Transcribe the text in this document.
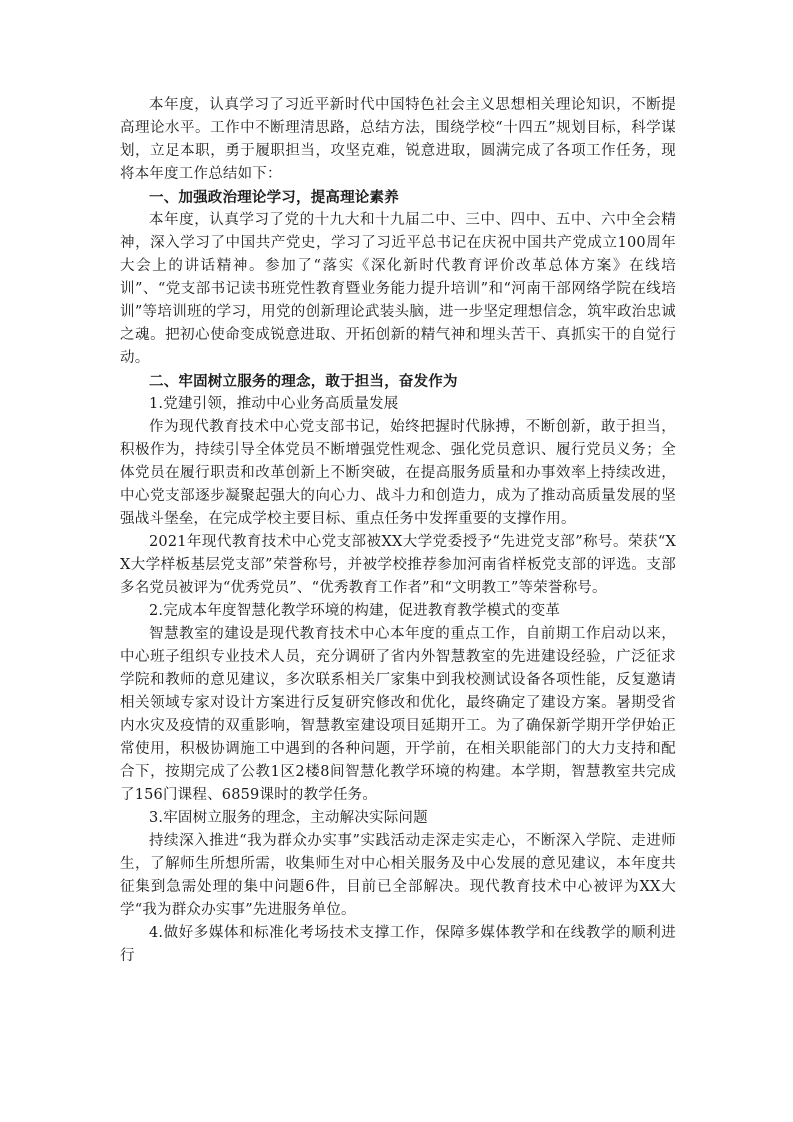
本年度，认真学习了习近平新时代中国特色社会主义思想相关理论知识，不断提高理论水平。工作中不断理清思路，总结方法，围绕学校“十四五”规划目标，科学谋划，立足本职，勇于履职担当，攻坚克难，锐意进取，圆满完成了各项工作任务，现将本年度工作总结如下：

一、加强政治理论学习，提高理论素养

本年度，认真学习了党的十九大和十九届二中、三中、四中、五中、六中全会精神，深入学习了中国共产党史，学习了习近平总书记在庆祝中国共产党成立100周年大会上的讲话精神。参加了“落实《深化新时代教育评价改革总体方案》在线培训”、“党支部书记读书班党性教育暨业务能力提升培训”和“河南干部网络学院在线培训”等培训班的学习，用党的创新理论武装头脑，进一步坚定理想信念，筑牢政治忠诚之魂。把初心使命变成锐意进取、开拓创新的精气神和埋头苦干、真抓实干的自觉行动。

二、牢固树立服务的理念，敢于担当，奋发作为

1.党建引领，推动中心业务高质量发展

作为现代教育技术中心党支部书记，始终把握时代脉搏，不断创新，敢于担当，积极作为，持续引导全体党员不断增强党性观念、强化党员意识、履行党员义务；全体党员在履行职责和改革创新上不断突破，在提高服务质量和办事效率上持续改进，中心党支部逐步凝聚起强大的向心力、战斗力和创造力，成为了推动高质量发展的坚强战斗堡垒，在完成学校主要目标、重点任务中发挥重要的支撑作用。

2021年现代教育技术中心党支部被XX大学党委授予“先进党支部”称号。荣获“XX大学样板基层党支部”荣誉称号，并被学校推荐参加河南省样板党支部的评选。支部多名党员被评为“优秀党员”、“优秀教育工作者”和“文明教工”等荣誉称号。

2.完成本年度智慧化教学环境的构建，促进教育教学模式的变革

智慧教室的建设是现代教育技术中心本年度的重点工作，自前期工作启动以来，中心班子组织专业技术人员，充分调研了省内外智慧教室的先进建设经验，广泛征求学院和教师的意见建议，多次联系相关厂家集中到我校测试设备各项性能，反复邀请相关领域专家对设计方案进行反复研究修改和优化，最终确定了建设方案。暑期受省内水灾及疫情的双重影响，智慧教室建设项目延期开工。为了确保新学期开学伊始正常使用，积极协调施工中遇到的各种问题，开学前，在相关职能部门的大力支持和配合下，按期完成了公教1区2楼8间智慧化教学环境的构建。本学期，智慧教室共完成了156门课程、6859课时的教学任务。

3.牢固树立服务的理念，主动解决实际问题

持续深入推进“我为群众办实事”实践活动走深走实走心，不断深入学院、走进师生，了解师生所想所需，收集师生对中心相关服务及中心发展的意见建议，本年度共征集到急需处理的集中问题6件，目前已全部解决。现代教育技术中心被评为XX大学“我为群众办实事”先进服务单位。

4.做好多媒体和标准化考场技术支撑工作，保障多媒体教学和在线教学的顺利进行
